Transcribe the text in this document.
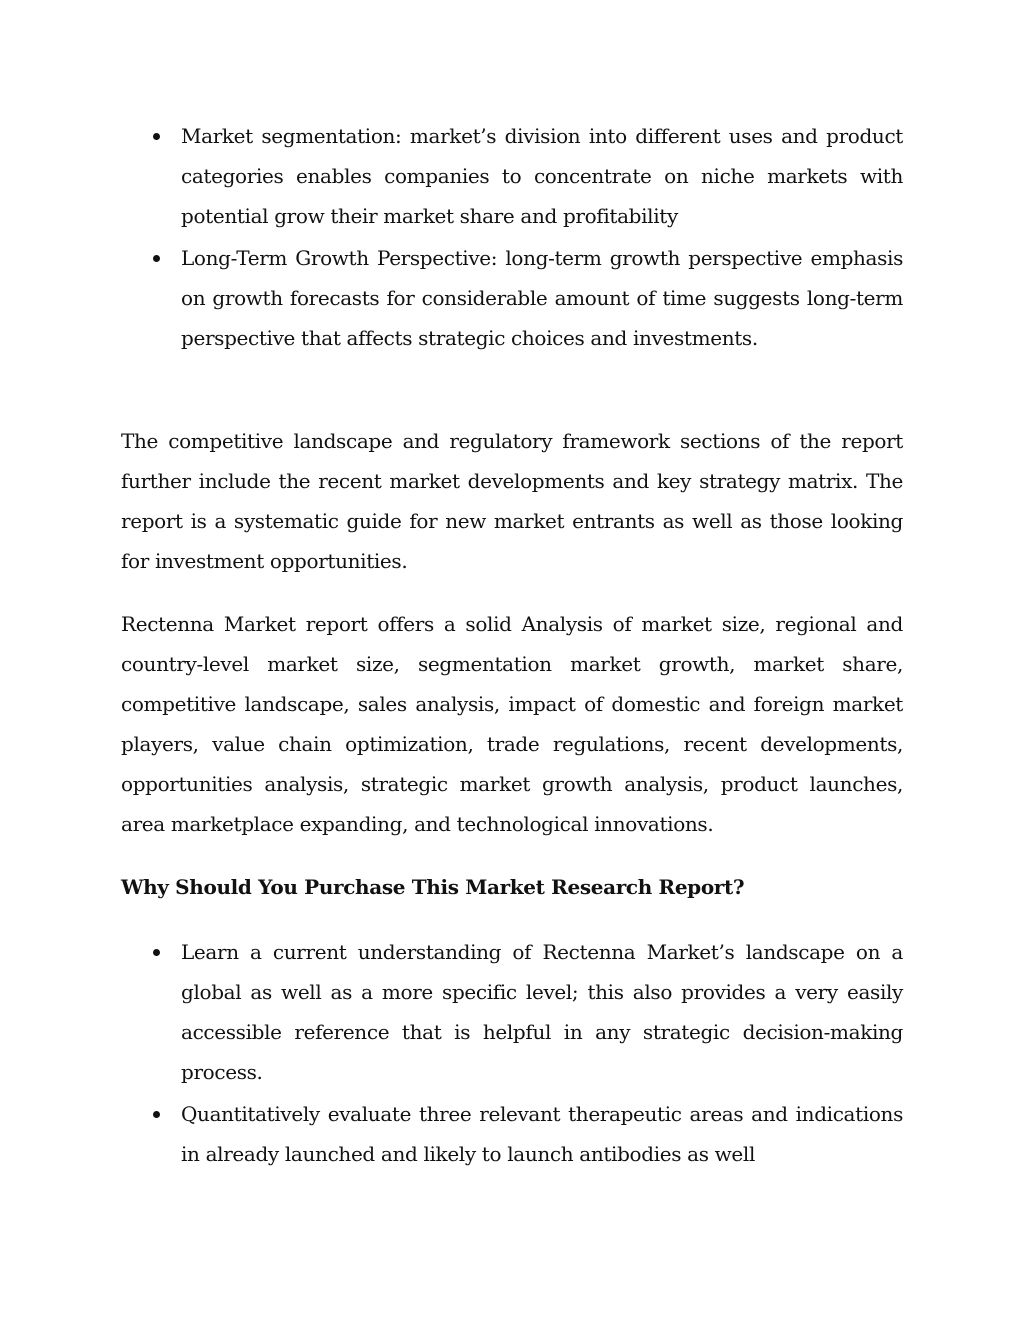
Market segmentation: market’s division into different uses and product categories enables companies to concentrate on niche markets with potential grow their market share and profitability
Long-Term Growth Perspective: long-term growth perspective emphasis on growth forecasts for considerable amount of time suggests long-term perspective that affects strategic choices and investments.

The competitive landscape and regulatory framework sections of the report further include the recent market developments and key strategy matrix. The report is a systematic guide for new market entrants as well as those looking for investment opportunities.

Rectenna Market report offers a solid Analysis of market size, regional and country-level market size, segmentation market growth, market share, competitive landscape, sales analysis, impact of domestic and foreign market players, value chain optimization, trade regulations, recent developments, opportunities analysis, strategic market growth analysis, product launches, area marketplace expanding, and technological innovations.

Why Should You Purchase This Market Research Report?
Learn a current understanding of Rectenna Market’s landscape on a global as well as a more specific level; this also provides a very easily accessible reference that is helpful in any strategic decision-making process.
Quantitatively evaluate three relevant therapeutic areas and indications in already launched and likely to launch antibodies as well
